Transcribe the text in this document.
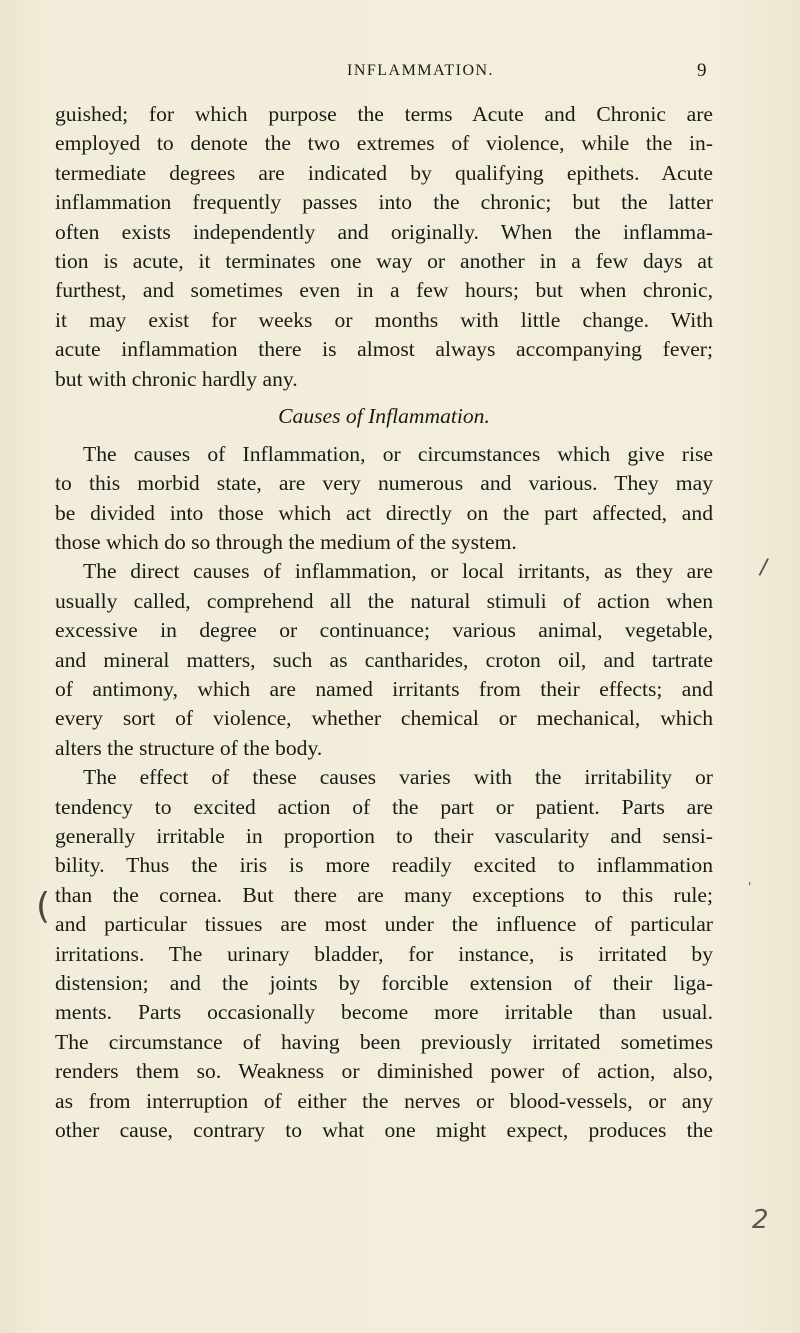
INFLAMMATION.	9
guished; for which purpose the terms Acute and Chronic are
employed to denote the two extremes of violence, while the in-
termediate degrees are indicated by qualifying epithets. Acute
inflammation frequently passes into the chronic; but the latter
often exists independently and originally. When the inflamma-
tion is acute, it terminates one way or another in a few days at
furthest, and sometimes even in a few hours; but when chronic,
it may exist for weeks or months with little change. With
acute inflammation there is almost always accompanying fever;
but with chronic hardly any.
Causes of Inflammation.
The causes of Inflammation, or circumstances which give rise
to this morbid state, are very numerous and various. They may
be divided into those which act directly on the part affected, and
those which do so through the medium of the system.
The direct causes of inflammation, or local irritants, as they are
usually called, comprehend all the natural stimuli of action when
excessive in degree or continuance; various animal, vegetable,
and mineral matters, such as cantharides, croton oil, and tartrate
of antimony, which are named irritants from their effects; and
every sort of violence, whether chemical or mechanical, which
alters the structure of the body.
The effect of these causes varies with the irritability or
tendency to excited action of the part or patient. Parts are
generally irritable in proportion to their vascularity and sensi-
bility. Thus the iris is more readily excited to inflammation
than the cornea. But there are many exceptions to this rule;
and particular tissues are most under the influence of particular
irritations. The urinary bladder, for instance, is irritated by
distension; and the joints by forcible extension of their liga-
ments. Parts occasionally become more irritable than usual.
The circumstance of having been previously irritated sometimes
renders them so. Weakness or diminished power of action, also,
as from interruption of either the nerves or blood-vessels, or any
other cause, contrary to what one might expect, produces the
/
(	'
2
